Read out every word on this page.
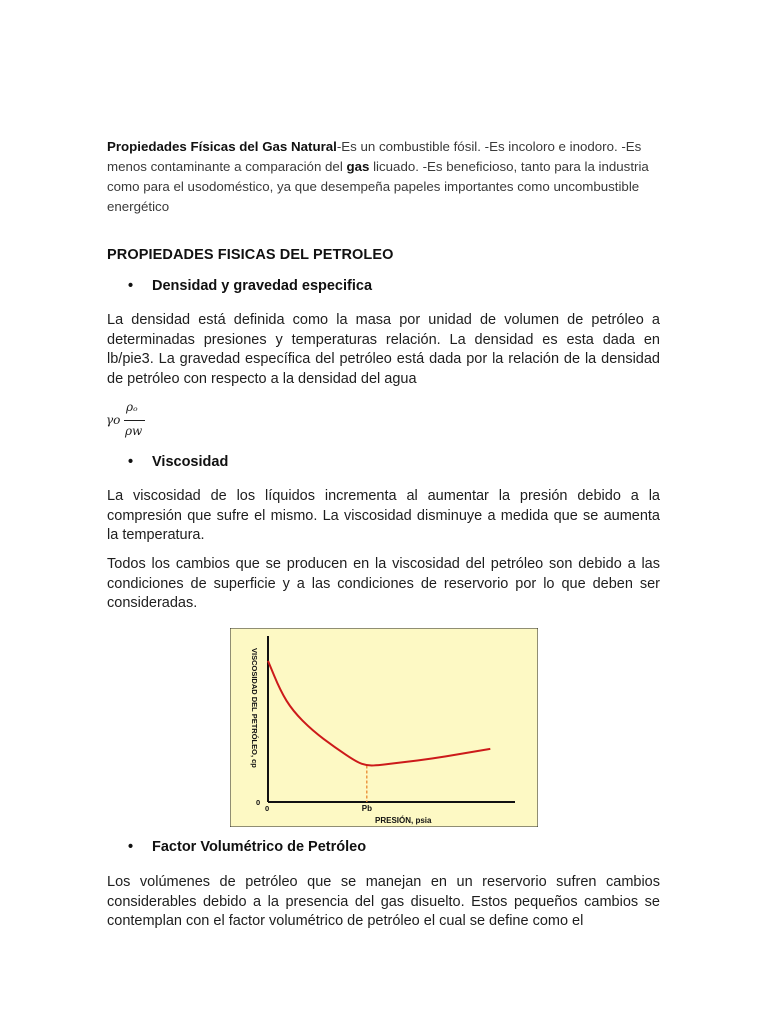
Propiedades Físicas del Gas Natural-Es un combustible fósil. -Es incoloro e inodoro. -Es menos contaminante a comparación del gas licuado. -Es beneficioso, tanto para la industria como para el usodoméstico, ya que desempeña papeles importantes como uncombustible energético
PROPIEDADES FISICAS DEL PETROLEO
• Densidad y gravedad especifica
La densidad está definida como la masa por unidad de volumen de petróleo a determinadas presiones y temperaturas relación. La densidad es esta dada en lb/pie3. La gravedad específica del petróleo está dada por la relación de la densidad de petróleo con respecto a la densidad del agua
γo
ρₒ
ρw
• Viscosidad
La viscosidad de los líquidos incrementa al aumentar la presión debido a la compresión que sufre el mismo. La viscosidad disminuye a medida que se aumenta la temperatura.
Todos los cambios que se producen en la viscosidad del petróleo son debido a las condiciones de superficie y a las condiciones de reservorio por lo que deben ser consideradas.
VISCOSIDAD DEL PETRÓLEO, cp
PRESIÓN, psia
0
0
Pb
• Factor Volumétrico de Petróleo
Los volúmenes de petróleo que se manejan en un reservorio sufren cambios considerables debido a la presencia del gas disuelto. Estos pequeños cambios se contemplan con el factor volumétrico de petróleo el cual se define como el
